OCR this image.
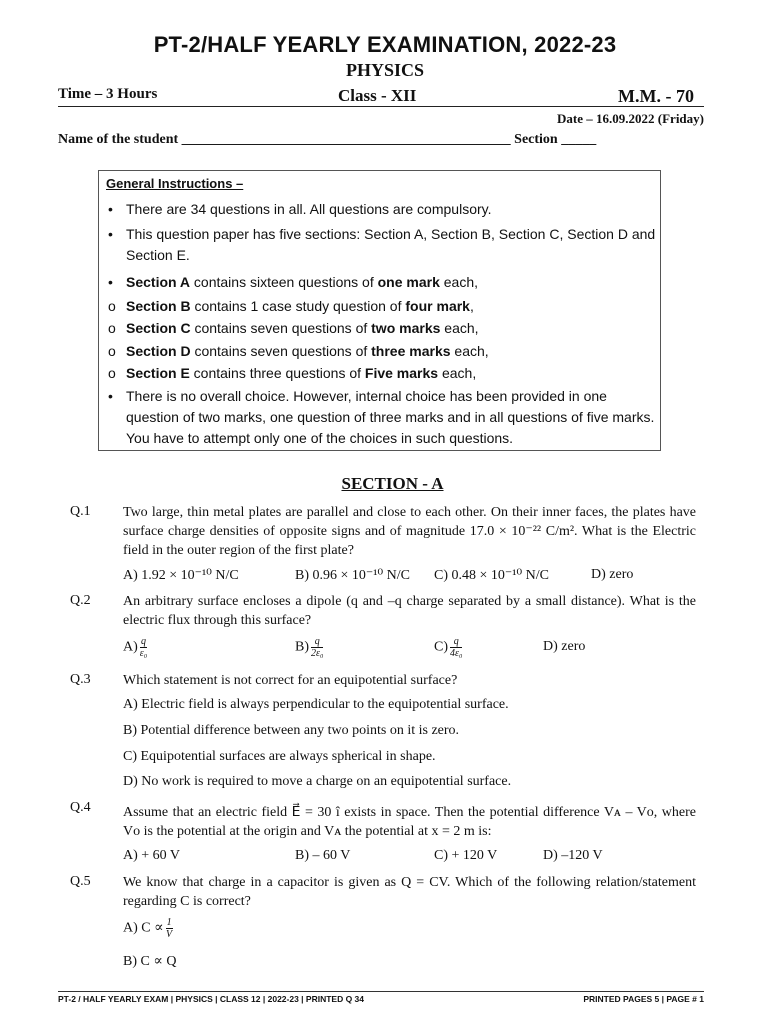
PT-2/HALF YEARLY EXAMINATION, 2022-23
PHYSICS
Time – 3 Hours	Class - XII	M.M. - 70
Date – 16.09.2022 (Friday)
Name of the student _______________________________________________ Section _____
General Instructions –
• There are 34 questions in all. All questions are compulsory.
• This question paper has five sections: Section A, Section B, Section C, Section D and Section E.
• Section A contains sixteen questions of one mark each,
o Section B contains 1 case study question of four mark,
o Section C contains seven questions of two marks each,
o Section D contains seven questions of three marks each,
o Section E contains three questions of Five marks each,
• There is no overall choice. However, internal choice has been provided in one question of two marks, one question of three marks and in all questions of five marks. You have to attempt only one of the choices in such questions.
SECTION - A
Q.1 Two large, thin metal plates are parallel and close to each other. On their inner faces, the plates have surface charge densities of opposite signs and of magnitude 17.0 × 10⁻²² C/m². What is the Electric field in the outer region of the first plate?
A) 1.92 × 10⁻¹⁰ N/C	B) 0.96 × 10⁻¹⁰ N/C C) 0.48 × 10⁻¹⁰ N/C	D) zero
Q.2 An arbitrary surface encloses a dipole (q and –q charge separated by a small distance). What is the electric flux through this surface?
$A) \frac{q}{\text{ε₀}}$	$B) \frac{q}{\text{2ε₀}}$	$C) \frac{q}{\text{4ε₀}}$	D) zero
Q.3 Which statement is not correct for an equipotential surface?
A) Electric field is always perpendicular to the equipotential surface.
B) Potential difference between any two points on it is zero.
C) Equipotential surfaces are always spherical in shape.
D) No work is required to move a charge on an equipotential surface.
Q.4 Assume that an electric field E⃗ = 30 î exists in space. Then the potential difference Vᴀ – Vᴏ, where Vᴏ is the potential at the origin and Vᴀ the potential at x = 2 m is:
A) + 60 V	B) – 60 V	C) + 120 V	D) –120 V
Q.5 We know that charge in a capacitor is given as Q = CV. Which of the following relation/statement regarding C is correct?
A) $C \propto \frac{1}{V}$
B) C ∝ Q
PT-2 / HALF YEARLY EXAM | PHYSICS | CLASS 12 | 2022-23 | PRINTED Q 34	PRINTED PAGES 5 | PAGE # 1
